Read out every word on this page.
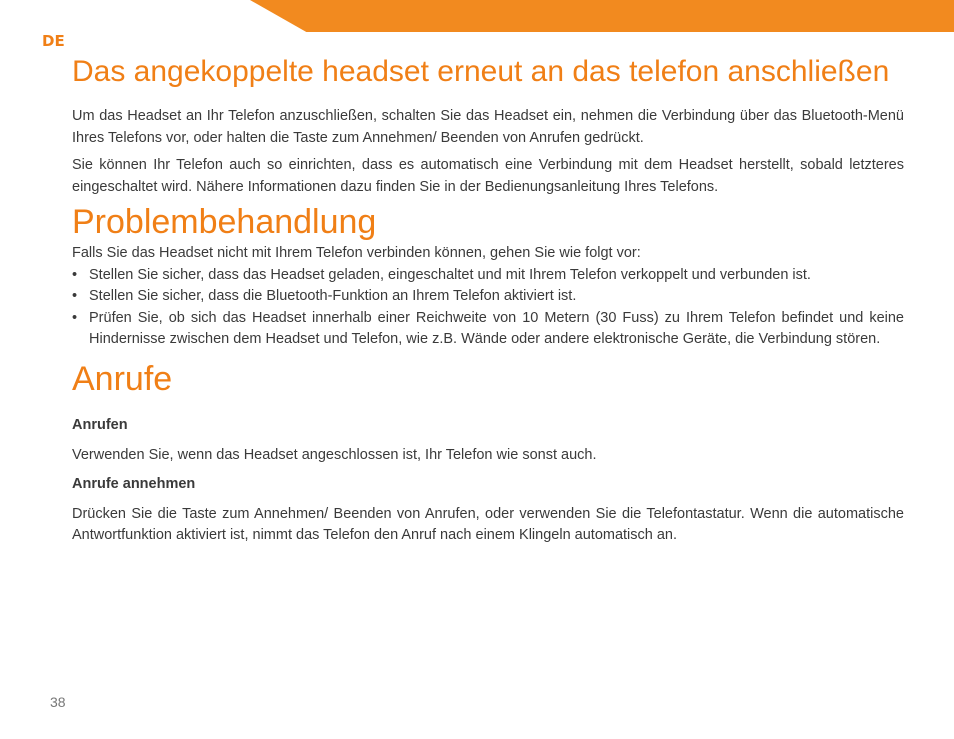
DE
Das angekoppelte headset erneut an das telefon anschließen

Um das Headset an Ihr Telefon anzuschließen, schalten Sie das Headset ein, nehmen die Verbindung über das Bluetooth-Menü Ihres Telefons vor, oder halten die Taste zum Annehmen/ Beenden von Anrufen gedrückt.

Sie können Ihr Telefon auch so einrichten, dass es automatisch eine Verbindung mit dem Headset herstellt, sobald letzteres eingeschaltet wird. Nähere Informationen dazu finden Sie in der Bedienungsanleitung Ihres Telefons.

Problembehandlung

Falls Sie das Headset nicht mit Ihrem Telefon verbinden können, gehen Sie wie folgt vor:

• Stellen Sie sicher, dass das Headset geladen, eingeschaltet und mit Ihrem Telefon verkoppelt und verbunden ist.
• Stellen Sie sicher, dass die Bluetooth-Funktion an Ihrem Telefon aktiviert ist.
• Prüfen Sie, ob sich das Headset innerhalb einer Reichweite von 10 Metern (30 Fuss) zu Ihrem Telefon befindet und keine Hindernisse zwischen dem Headset und Telefon, wie z.B. Wände oder andere elektronische Geräte, die Verbindung stören.
Anrufe

Anrufen

Verwenden Sie, wenn das Headset angeschlossen ist, Ihr Telefon wie sonst auch.

Anrufe annehmen

Drücken Sie die Taste zum Annehmen/ Beenden von Anrufen, oder verwenden Sie die Telefontastatur. Wenn die automatische Antwortfunktion aktiviert ist, nimmt das Telefon den Anruf nach einem Klingeln automatisch an.

38
